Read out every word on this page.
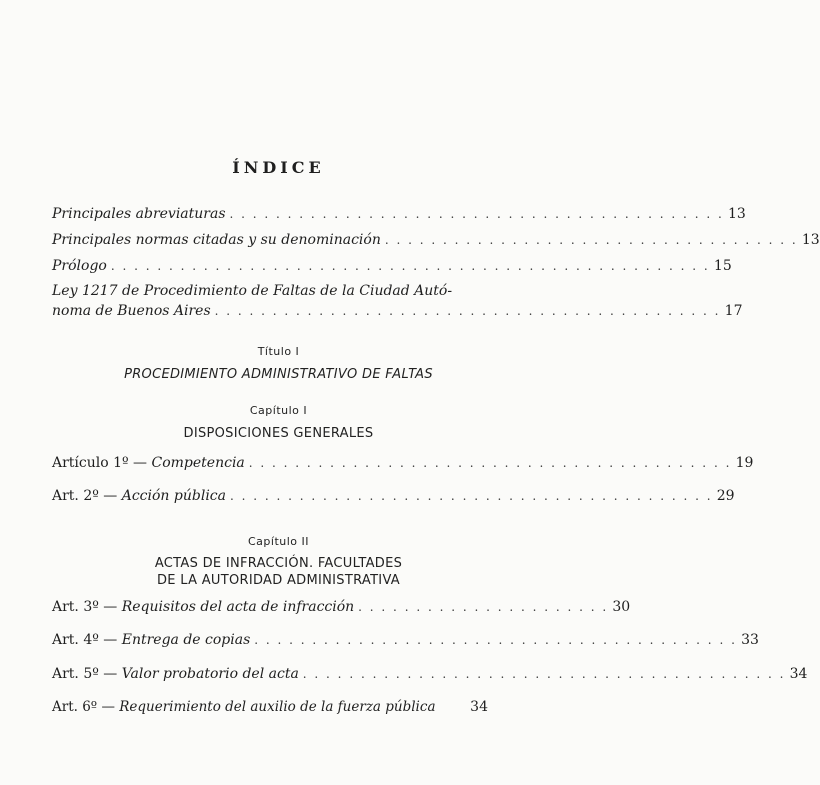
ÍNDICE
Principales abreviaturas . . . . . . . . . . . . . . . . . . . . . . . . . . . . . . . . . . . . . . . . . . . 13
Principales normas citadas y su denominación . . . . . . . . . . . . . . . . . . . . . . . . . . . . . . . . . . . . 13
Prólogo . . . . . . . . . . . . . . . . . . . . . . . . . . . . . . . . . . . . . . . . . . . . . . . . . . . . 15
Ley 1217 de Procedimiento de Faltas de la Ciudad Autó-
noma de Buenos Aires . . . . . . . . . . . . . . . . . . . . . . . . . . . . . . . . . . . . . . . . . . . . 17
Título I
PROCEDIMIENTO ADMINISTRATIVO DE FALTAS
Capítulo I
DISPOSICIONES GENERALES
Artículo 1º — Competencia . . . . . . . . . . . . . . . . . . . . . . . . . . . . . . . . . . . . . . . . . . 19
Art. 2º — Acción pública . . . . . . . . . . . . . . . . . . . . . . . . . . . . . . . . . . . . . . . . . . 29
Capítulo II
ACTAS DE INFRACCIÓN. FACULTADES
DE LA AUTORIDAD ADMINISTRATIVA
Art. 3º — Requisitos del acta de infracción . . . . . . . . . . . . . . . . . . . . . . 30
Art. 4º — Entrega de copias . . . . . . . . . . . . . . . . . . . . . . . . . . . . . . . . . . . . . . . . . . 33
Art. 5º — Valor probatorio del acta . . . . . . . . . . . . . . . . . . . . . . . . . . . . . . . . . . . . . . . . . . 34
Art. 6º — Requerimiento del auxilio de la fuerza pública 34
